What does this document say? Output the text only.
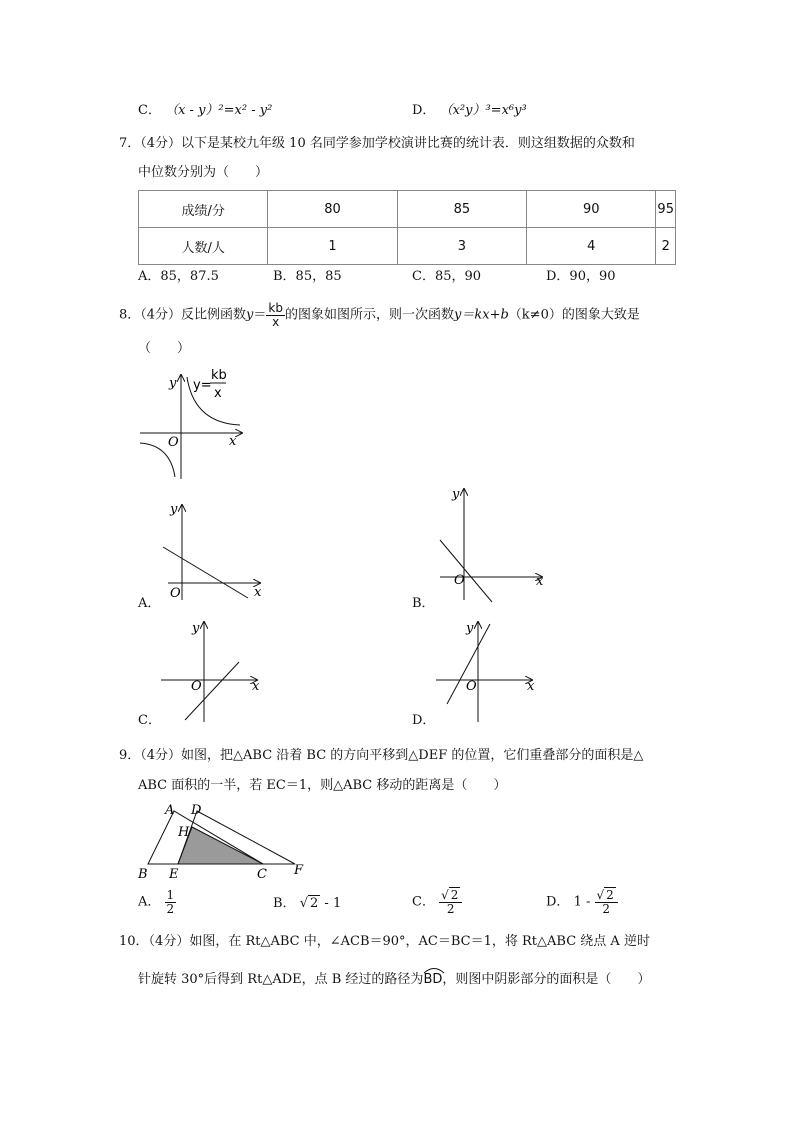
C． （x - y）²=x² - y²	D． （x²y）³=x⁶y³
7．（4分）以下是某校九年级 10 名同学参加学校演讲比赛的统计表．则这组数据的众数和
中位数分别为（　　）
成绩/分	80	85	90	95
人数/人	1	3	4	2
A．85，87.5	B．85，85	C．85，90	D．90，90
8．（4分）反比例函数$y= \frac{kb}{x}$ 的图象如图所示，则一次函数y＝kx+b（k≠0）的图象大致是
（　　）
y y=
kb
x
O	x
y
O	x
A．
y
O	x
B．
y
O	x
C．
y
O	x
D．
9．（4分）如图，把△ABC 沿着 BC 的方向平移到△DEF 的位置，它们重叠部分的面积是△
ABC 面积的一半，若 EC＝1，则△ABC 移动的距离是（　　）
A D
H
B E	C F
A． $\frac{1}{2}$	B． √ 2 - 1	C． $\frac{√ 2}{2}$	D． $1 - \frac{√ 2}{2}$
10．（4分）如图，在 Rt△ABC 中，∠ACB＝90°，AC＝BC＝1，将 Rt△ABC 绕点 A 逆时
针旋转 30°后得到 Rt△ADE，点 B 经过的路径为
BD，则图中阴影部分的面积是（　　）
